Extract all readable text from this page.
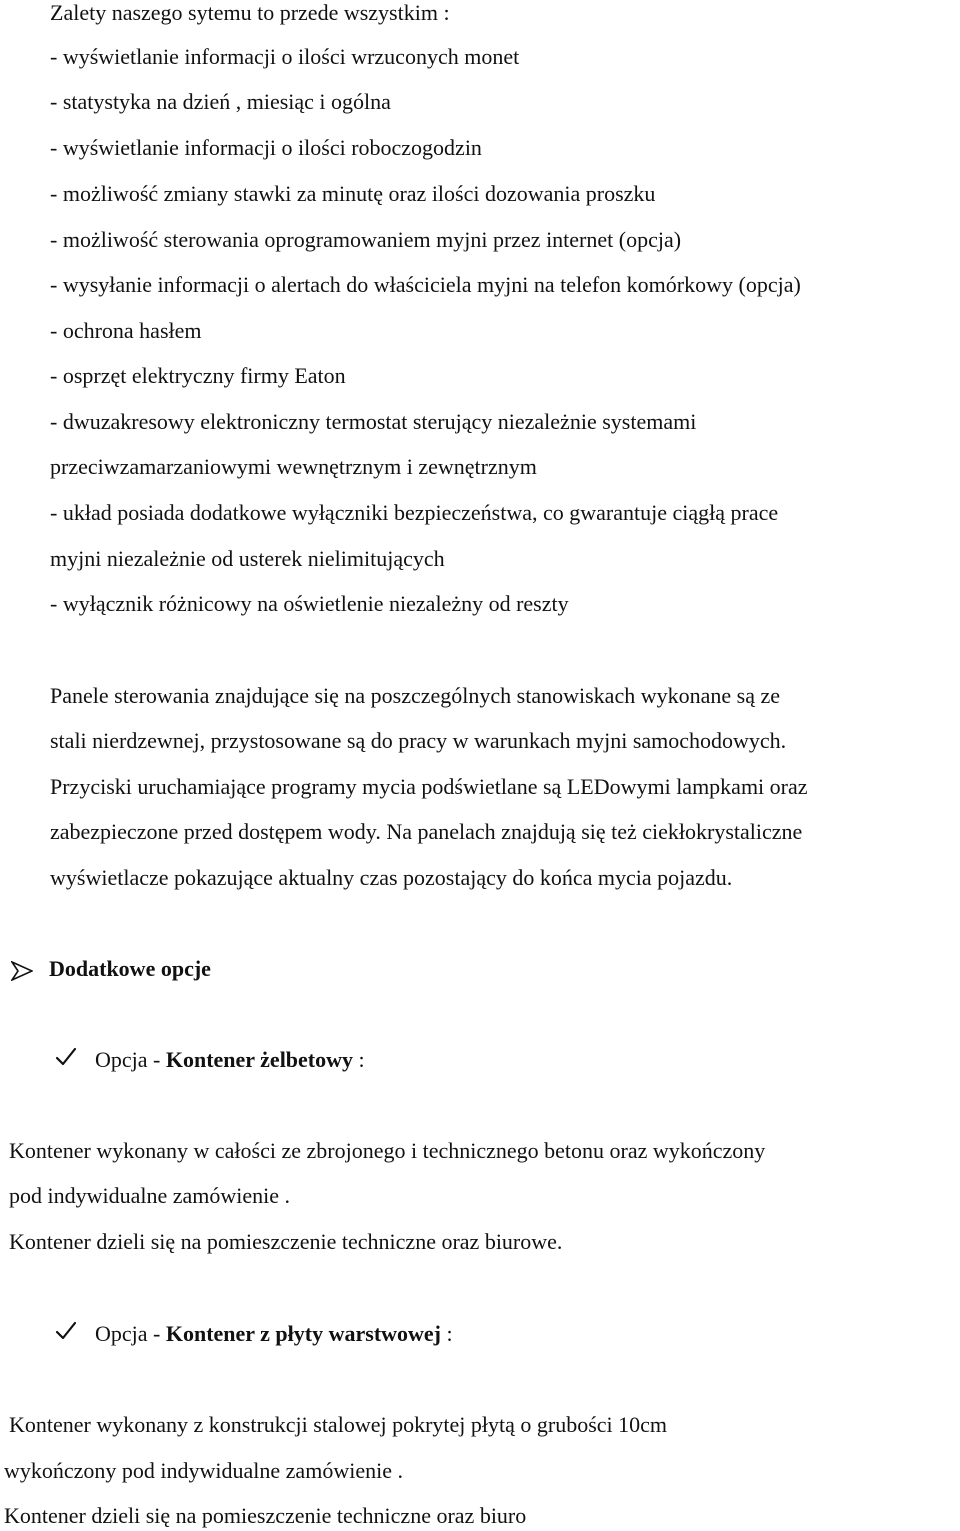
Zalety naszego sytemu to przede wszystkim :
- wyświetlanie informacji o ilości wrzuconych monet
- statystyka na dzień , miesiąc i ogólna
- wyświetlanie informacji o ilości roboczogodzin
- możliwość zmiany stawki za minutę oraz ilości dozowania proszku
- możliwość sterowania oprogramowaniem myjni przez internet (opcja)
- wysyłanie informacji o alertach do właściciela myjni na telefon komórkowy (opcja)
- ochrona hasłem
- osprzęt elektryczny firmy Eaton
- dwuzakresowy elektroniczny termostat sterujący niezależnie systemami
przeciwzamarzaniowymi wewnętrznym i zewnętrznym
- układ posiada dodatkowe wyłączniki bezpieczeństwa, co gwarantuje ciągłą prace
myjni niezależnie od usterek nielimitujących
- wyłącznik różnicowy na oświetlenie niezależny od reszty
Panele sterowania znajdujące się na poszczególnych stanowiskach wykonane są ze
stali nierdzewnej, przystosowane są do pracy w warunkach myjni samochodowych.
Przyciski uruchamiające programy mycia podświetlane są LEDowymi lampkami oraz
zabezpieczone przed dostępem wody. Na panelach znajdują się też ciekłokrystaliczne
wyświetlacze pokazujące aktualny czas pozostający do końca mycia pojazdu.
Dodatkowe opcje
Opcja - Kontener żelbetowy :
Kontener wykonany w całości ze zbrojonego i technicznego betonu oraz wykończony
pod indywidualne zamówienie .
Kontener dzieli się na pomieszczenie techniczne oraz biurowe.
Opcja - Kontener z płyty warstwowej :
Kontener wykonany z konstrukcji stalowej pokrytej płytą o grubości 10cm
wykończony pod indywidualne zamówienie .
Kontener dzieli się na pomieszczenie techniczne oraz biuro
